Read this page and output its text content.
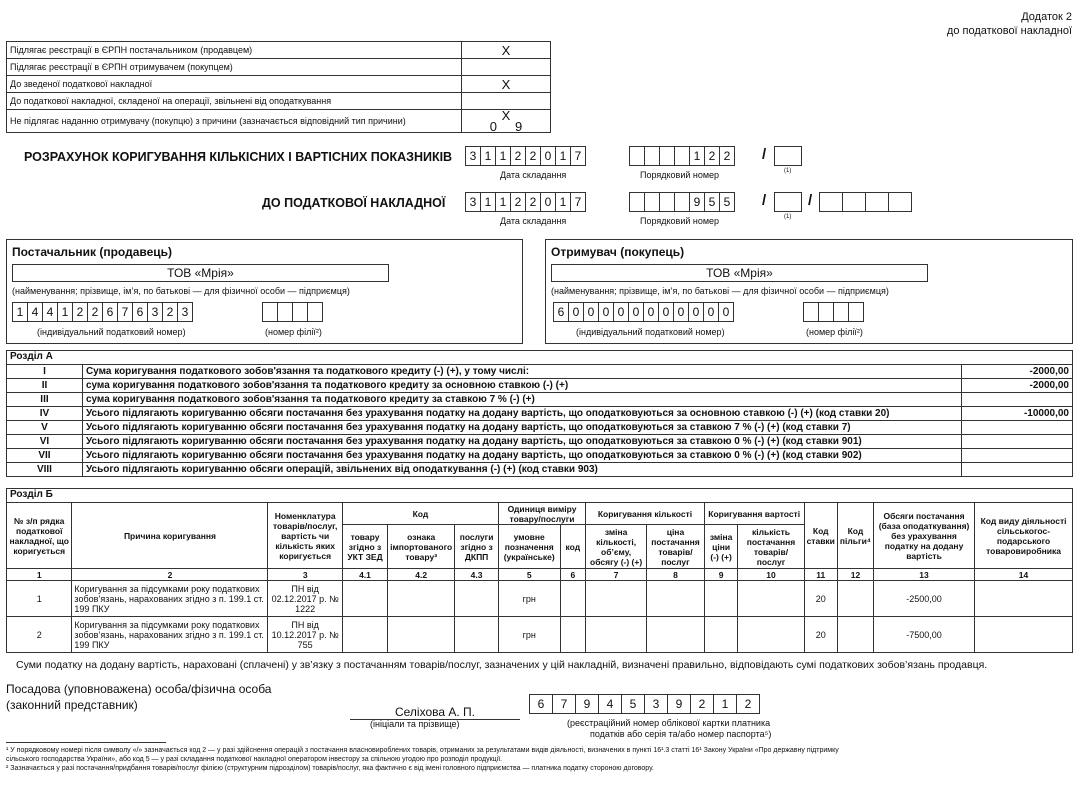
Додаток 2
до податкової накладної
Підлягає реєстрації в ЄРПН постачальником (продавцем)	X
Підлягає реєстрації в ЄРПН отримувачем (покупцем)	
До зведеної податкової накладної	X
До податкової накладної, складеної на операції, звільнені від оподаткування	
Не підлягає наданню отримувачу (покупцю) з причини (зазначається відповідний тип причини)	X
0 9
РОЗРАХУНОК КОРИГУВАННЯ КІЛЬКІСНИХ І ВАРТІСНИХ ПОКАЗНИКІВ	3 1 1 2 2 0 1 7
Дата складання
1 2 2	/
Порядковий номер	(1)
ДО ПОДАТКОВОЇ НАКЛАДНОЇ	3 1 1 2 2 0 1 7
Дата складання
9 5 5	/	/
Порядковий номер	(1)
Постачальник (продавець)
ТОВ «Мрія»
(найменування; прізвище, ім’я, по батькові — для фізичної особи — підприємця)
1 4 4 1 2 2 6 7 6 3 2 3
(індивідуальний податковий номер)	(номер філії²)
Отримувач (покупець)
ТОВ «Мрія»
(найменування; прізвище, ім’я, по батькові — для фізичної особи — підприємця)
6 0 0 0 0 0 0 0 0 0 0 0
(індивідуальний податковий номер)	(номер філії²)
Розділ А
I	Сума коригування податкового зобов'язання та податкового кредиту (-) (+), у тому числі:	-2000,00
II	сума коригування податкового зобов'язання та податкового кредиту за основною ставкою (-) (+)	-2000,00
III	сума коригування податкового зобов'язання та податкового кредиту за ставкою 7 % (-) (+)	
IV	Усього підлягають коригуванню обсяги постачання без урахування податку на додану вартість, що оподатковуються за основною ставкою (-) (+) (код ставки 20)	-10000,00
V	Усього підлягають коригуванню обсяги постачання без урахування податку на додану вартість, що оподатковуються за ставкою 7 % (-) (+) (код ставки 7)	
VI	Усього підлягають коригуванню обсяги постачання без урахування податку на додану вартість, що оподатковуються за ставкою 0 % (-) (+) (код ставки 901)	
VII	Усього підлягають коригуванню обсяги постачання без урахування податку на додану вартість, що оподатковуються за ставкою 0 % (-) (+) (код ставки 902)	
VIII	Усього підлягають коригуванню обсяги операцій, звільнених від оподаткування (-) (+) (код ставки 903)	
Розділ Б
№ з/п рядка податкової накладної, що коригується	Причина коригування	Номенклатура товарів/послуг, вартість чи кількість яких коригується	Код			Одиниця виміру товару/послуги		Коригування кількості		Коригування вартості		Код ставки	Код пільги⁴	Обсяги постачання (база оподаткування) без урахування податку на додану вартість	Код виду діяльності сільськогос-подарського товаровиробника
			товару згідно з УКТ ЗЕД	ознака імпортованого товару³	послуги згідно з ДКПП	умовне позначення (українське)	код	зміна кількості, об’єму, обсягу (-) (+)	ціна постачання товарів/ послуг	зміна ціни (-) (+)	кількість постачання товарів/ послуг				
1	2	3	4.1	4.2	4.3	5	6	7	8	9	10	11	12	13	14
1	Коригування за підсумками року податкових зобов’язань, нарахованих згідно з п. 199.1 ст. 199 ПКУ	ПН від 02.12.2017 р. № 1222				грн						20		-2500,00	
2	Коригування за підсумками року податкових зобов’язань, нарахованих згідно з п. 199.1 ст. 199 ПКУ	ПН від 10.12.2017 р. № 755				грн						20		-7500,00	
Суми податку на додану вартість, нараховані (сплачені) у зв’язку з постачанням товарів/послуг, зазначених у цій накладній, визначені правильно, відповідають сумі податкових зобов’язань продавця.
Посадова (уповноважена) особа/фізична особа
(законний представник)	Селіхова А. П.
(ініціали та прізвище)
6	7	9	4	5	3	9	2	1	2
(реєстраційний номер облікової картки платника
податків або серія та/або номер паспорта⁵)
¹ У порядковому номері після символу «/» зазначається код 2 — у разі здійснення операцій з постачання власновироблених товарів, отриманих за результатами видів діяльності, визначених в пункті 16¹.3 статті 16¹ Закону України «Про державну підтримку
сільського господарства України», або код 5 — у разі складання податкової накладної оператором інвестору за спільною угодою про розподіл продукції.
² Зазначається у разі постачання/придбання товарів/послуг філією (структурним підрозділом) товарів/послуг, яка фактично є від імені головного підприємства — платника податку стороною договору.
